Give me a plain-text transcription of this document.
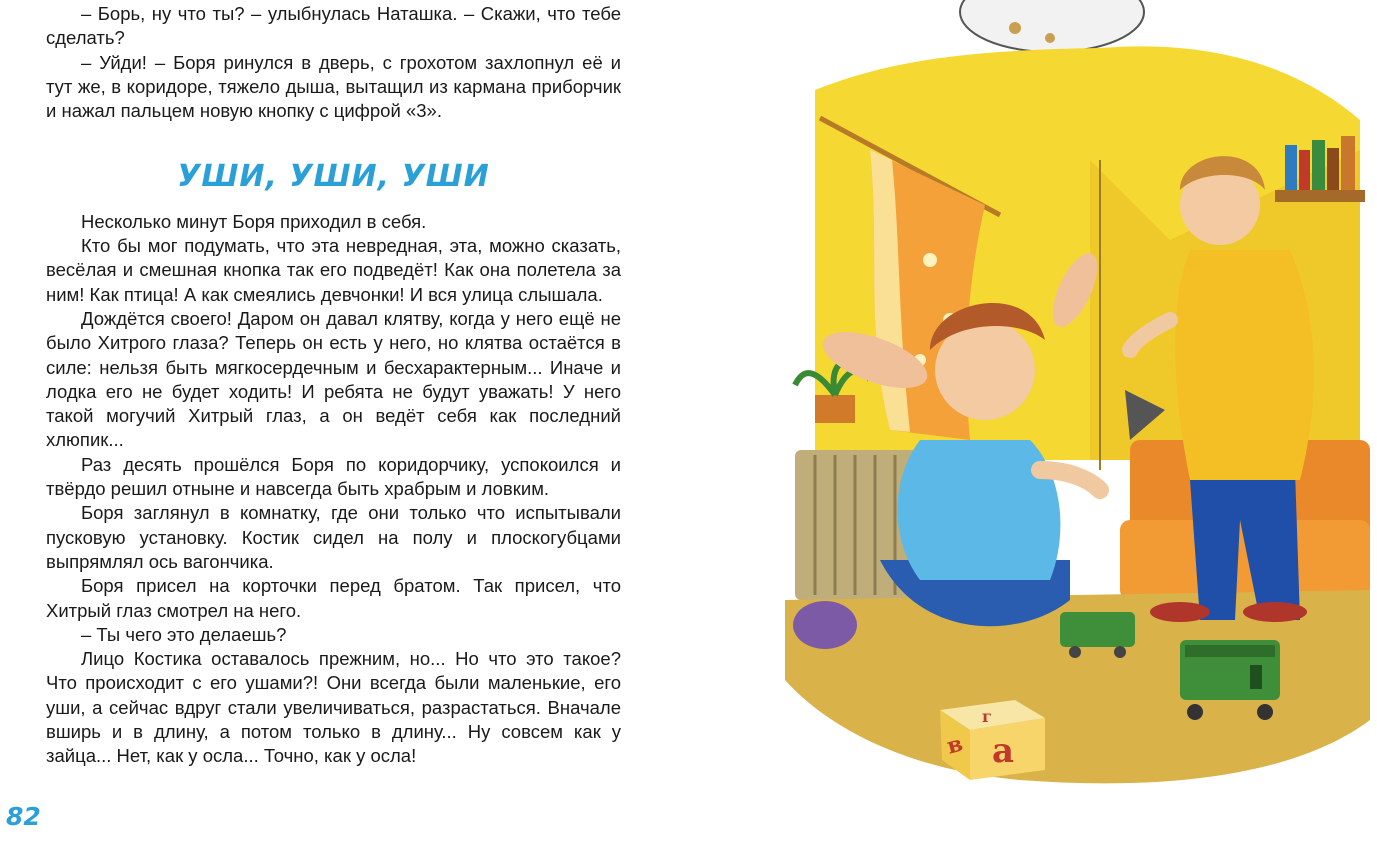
– Борь, ну что ты? – улыбнулась Наташка. – Скажи, что тебе сделать?

– Уйди! – Боря ринулся в дверь, с грохотом захлопнул её и тут же, в коридоре, тяжело дыша, вытащил из кармана приборчик и нажал пальцем новую кнопку с цифрой «3».

УШИ, УШИ, УШИ

Несколько минут Боря приходил в себя.

Кто бы мог подумать, что эта невредная, эта, можно сказать, весёлая и смешная кнопка так его подведёт! Как она полетела за ним! Как птица! А как смеялись девчонки! И вся улица слышала.

Дождётся своего! Даром он давал клятву, когда у него ещё не было Хитрого глаза? Теперь он есть у него, но клятва остаётся в силе: нельзя быть мягкосердечным и бесхарактерным... Иначе и лодка его не будет ходить! И ребята не будут уважать! У него такой могучий Хитрый глаз, а он ведёт себя как последний хлюпик...

Раз десять прошёлся Боря по коридорчику, успокоился и твёрдо решил отныне и навсегда быть храбрым и ловким.

Боря заглянул в комнатку, где они только что испытывали пусковую установку. Костик сидел на полу и плоскогубцами выпрямлял ось вагончика.

Боря присел на корточки перед братом. Так присел, что Хитрый глаз смотрел на него.

– Ты чего это делаешь?

Лицо Костика оставалось прежним, но... Но что это такое? Что происходит с его ушами?! Они всегда были маленькие, его уши, а сейчас вдруг стали увеличиваться, разрастаться. Вначале вширь и в длину, а потом только в длину... Ну совсем как у зайца... Нет, как у осла... Точно, как у осла!

82
а
в
г
